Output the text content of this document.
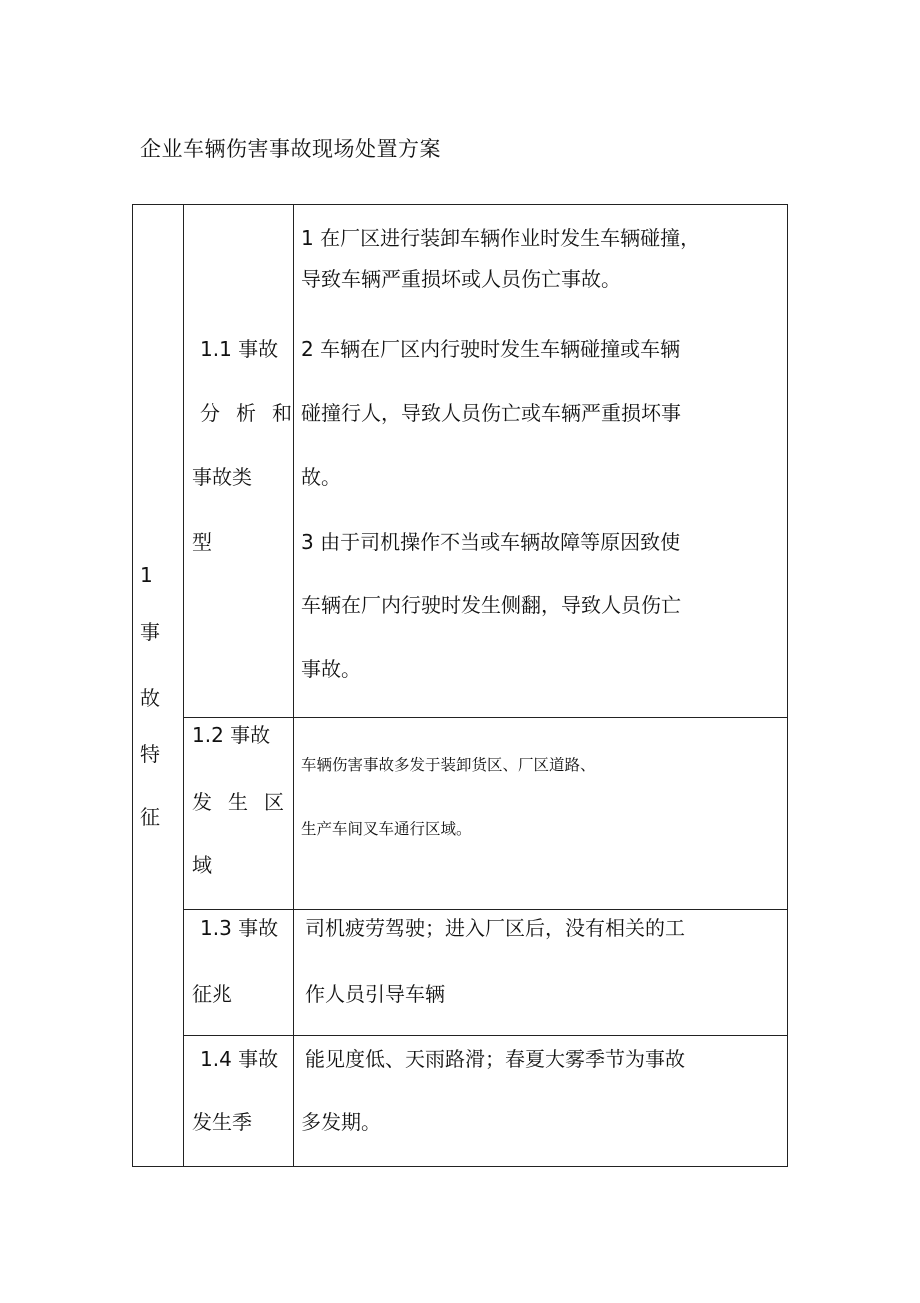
企业车辆伤害事故现场处置方案
1
事
故
特
征
1.1 事故
分析和
事故类
型
1 在厂区进行装卸车辆作业时发生车辆碰撞，
导致车辆严重损坏或人员伤亡事故。
2 车辆在厂区内行驶时发生车辆碰撞或车辆
碰撞行人，导致人员伤亡或车辆严重损坏事
故。
3 由于司机操作不当或车辆故障等原因致使
车辆在厂内行驶时发生侧翻，导致人员伤亡
事故。
1.2 事故
发生区
域
车辆伤害事故多发于装卸货区、厂区道路、
生产车间叉车通行区域。
1.3 事故
征兆
司机疲劳驾驶；进入厂区后，没有相关的工
作人员引导车辆
1.4 事故
发生季
能见度低、天雨路滑；春夏大雾季节为事故
多发期。
